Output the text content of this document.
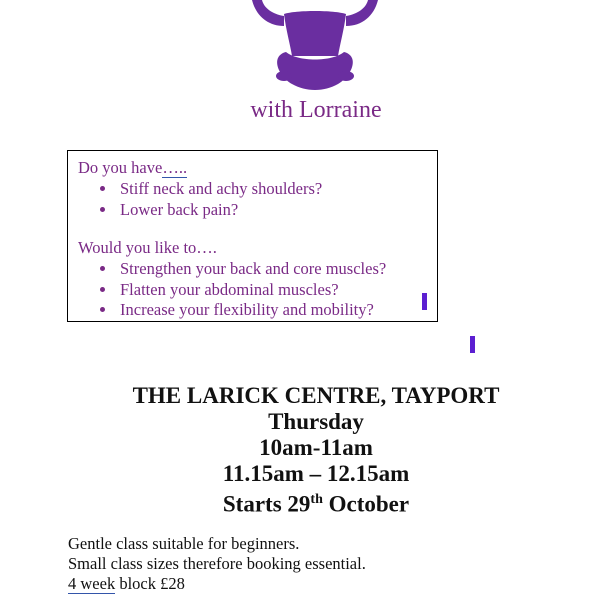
with Lorraine
Do you have…..
Stiff neck and achy shoulders?
Lower back pain?
Would you like to….
Strengthen your back and core muscles?
Flatten your abdominal muscles?
Increase your flexibility and mobility?
THE LARICK CENTRE, TAYPORT
Thursday
10am-11am
11.15am – 12.15am
Starts 29th October
Gentle class suitable for beginners.
Small class sizes therefore booking essential.
4 week block £28
